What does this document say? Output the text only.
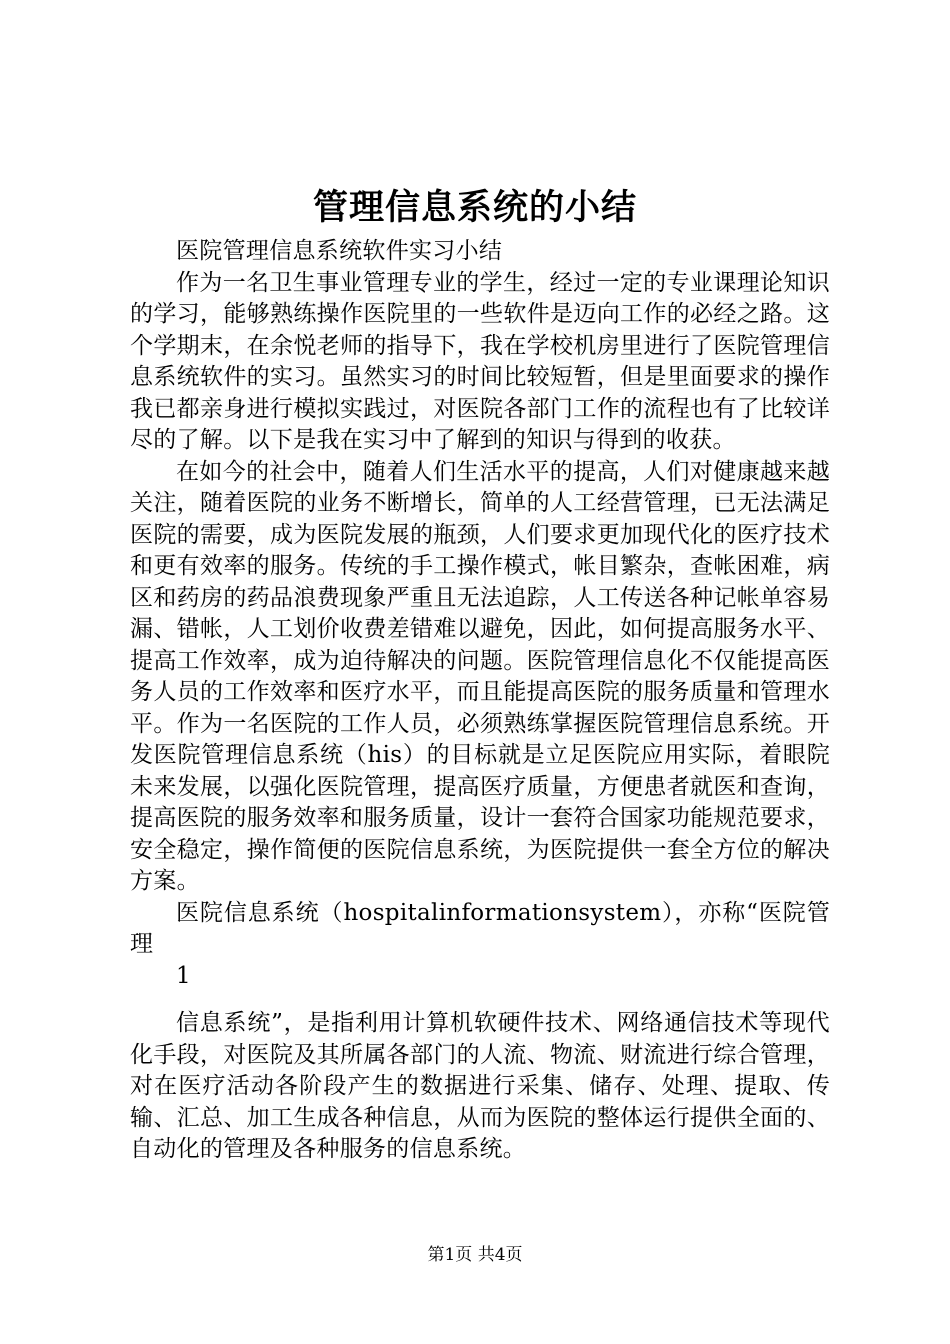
管理信息系统的小结

医院管理信息系统软件实习小结

作为一名卫生事业管理专业的学生，经过一定的专业课理论知识的学习，能够熟练操作医院里的一些软件是迈向工作的必经之路。这个学期末，在余悦老师的指导下，我在学校机房里进行了医院管理信息系统软件的实习。虽然实习的时间比较短暂，但是里面要求的操作我已都亲身进行模拟实践过，对医院各部门工作的流程也有了比较详尽的了解。以下是我在实习中了解到的知识与得到的收获。

在如今的社会中，随着人们生活水平的提高，人们对健康越来越关注，随着医院的业务不断增长，简单的人工经营管理，已无法满足医院的需要，成为医院发展的瓶颈，人们要求更加现代化的医疗技术和更有效率的服务。传统的手工操作模式，帐目繁杂，查帐困难，病区和药房的药品浪费现象严重且无法追踪，人工传送各种记帐单容易漏、错帐，人工划价收费差错难以避免，因此，如何提高服务水平、提高工作效率，成为迫待解决的问题。医院管理信息化不仅能提高医务人员的工作效率和医疗水平，而且能提高医院的服务质量和管理水平。作为一名医院的工作人员，必须熟练掌握医院管理信息系统。开发医院管理信息系统（his）的目标就是立足医院应用实际，着眼院未来发展，以强化医院管理，提高医疗质量，方便患者就医和查询，提高医院的服务效率和服务质量，设计一套符合国家功能规范要求，安全稳定，操作简便的医院信息系统，为医院提供一套全方位的解决方案。

医院信息系统（hospitalinformationsystem），亦称“医院管理

1

信息系统”，是指利用计算机软硬件技术、网络通信技术等现代化手段，对医院及其所属各部门的人流、物流、财流进行综合管理，对在医疗活动各阶段产生的数据进行采集、储存、处理、提取、传输、汇总、加工生成各种信息，从而为医院的整体运行提供全面的、自动化的管理及各种服务的信息系统。

第1页 共4页
